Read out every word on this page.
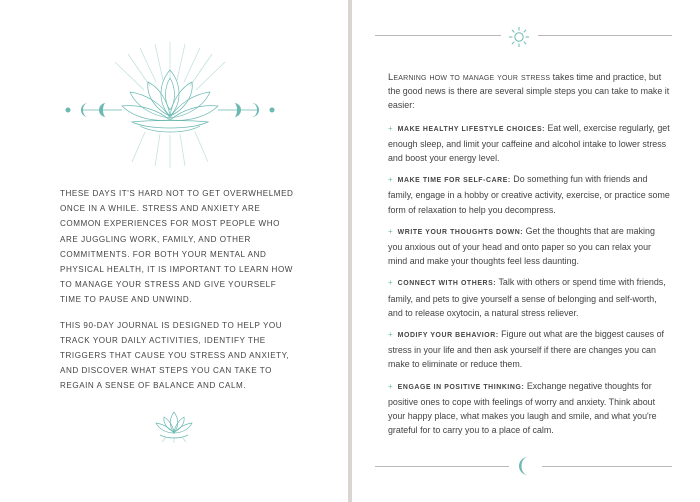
THESE DAYS IT'S HARD NOT TO GET OVERWHELMED ONCE IN A WHILE. STRESS AND ANXIETY ARE COMMON EXPERIENCES FOR MOST PEOPLE WHO ARE JUGGLING WORK, FAMILY, AND OTHER COMMITMENTS. FOR BOTH YOUR MENTAL AND PHYSICAL HEALTH, IT IS IMPORTANT TO LEARN HOW TO MANAGE YOUR STRESS AND GIVE YOURSELF TIME TO PAUSE AND UNWIND.

THIS 90-DAY JOURNAL IS DESIGNED TO HELP YOU TRACK YOUR DAILY ACTIVITIES, IDENTIFY THE TRIGGERS THAT CAUSE YOU STRESS AND ANXIETY, AND DISCOVER WHAT STEPS YOU CAN TAKE TO REGAIN A SENSE OF BALANCE AND CALM.

Learning how to manage your stress takes time and practice, but the good news is there are several simple steps you can take to make it easier:

+ MAKE HEALTHY LIFESTYLE CHOICES: Eat well, exercise regularly, get enough sleep, and limit your caffeine and alcohol intake to lower stress and boost your energy level.

+ MAKE TIME FOR SELF-CARE: Do something fun with friends and family, engage in a hobby or creative activity, exercise, or practice some form of relaxation to help you decompress.

+ WRITE YOUR THOUGHTS DOWN: Get the thoughts that are making you anxious out of your head and onto paper so you can relax your mind and make your thoughts feel less daunting.

+ CONNECT WITH OTHERS: Talk with others or spend time with friends, family, and pets to give yourself a sense of belonging and self-worth, and to release oxytocin, a natural stress reliever.

+ MODIFY YOUR BEHAVIOR: Figure out what are the biggest causes of stress in your life and then ask yourself if there are changes you can make to eliminate or reduce them.

+ ENGAGE IN POSITIVE THINKING: Exchange negative thoughts for positive ones to cope with feelings of worry and anxiety. Think about your happy place, what makes you laugh and smile, and what you're grateful for to carry you to a place of calm.
